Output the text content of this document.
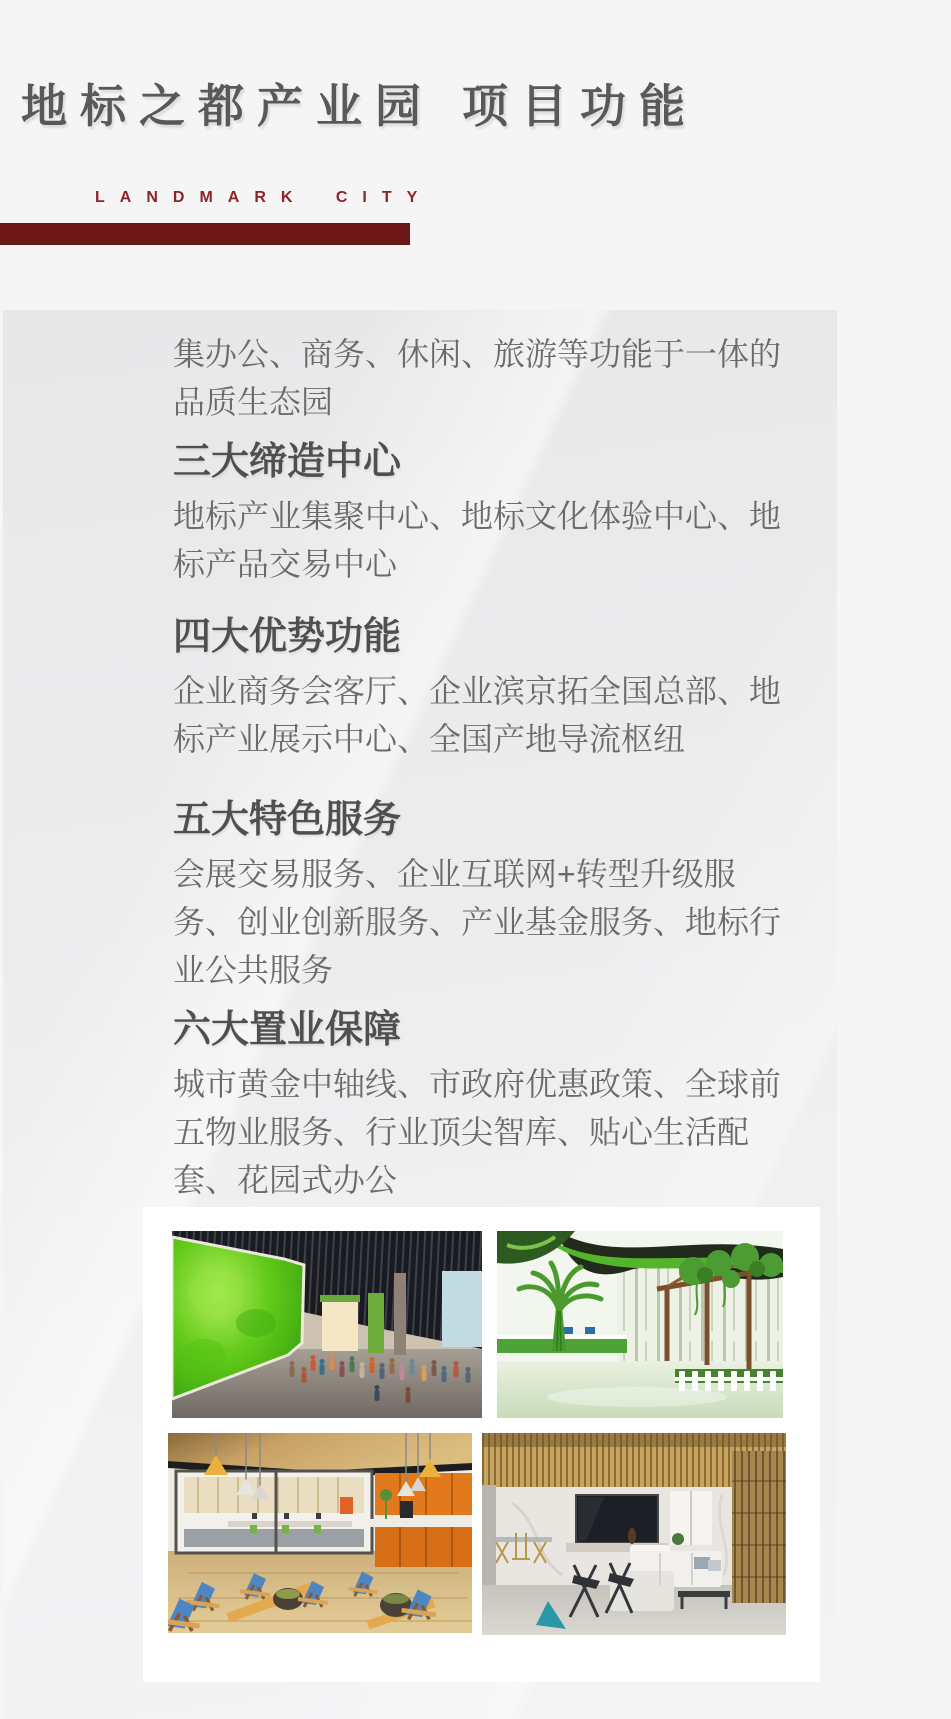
地标之都产业园 项目功能
LANDMARK CITY

集办公、商务、休闲、旅游等功能于一体的品质生态园

三大缔造中心

地标产业集聚中心、地标文化体验中心、地标产品交易中心

四大优势功能

企业商务会客厅、企业滨京拓全国总部、地标产业展示中心、全国产地导流枢纽

五大特色服务

会展交易服务、企业互联网+转型升级服务、创业创新服务、产业基金服务、地标行业公共服务

六大置业保障

城市黄金中轴线、市政府优惠政策、全球前五物业服务、行业顶尖智库、贴心生活配套、花园式办公
